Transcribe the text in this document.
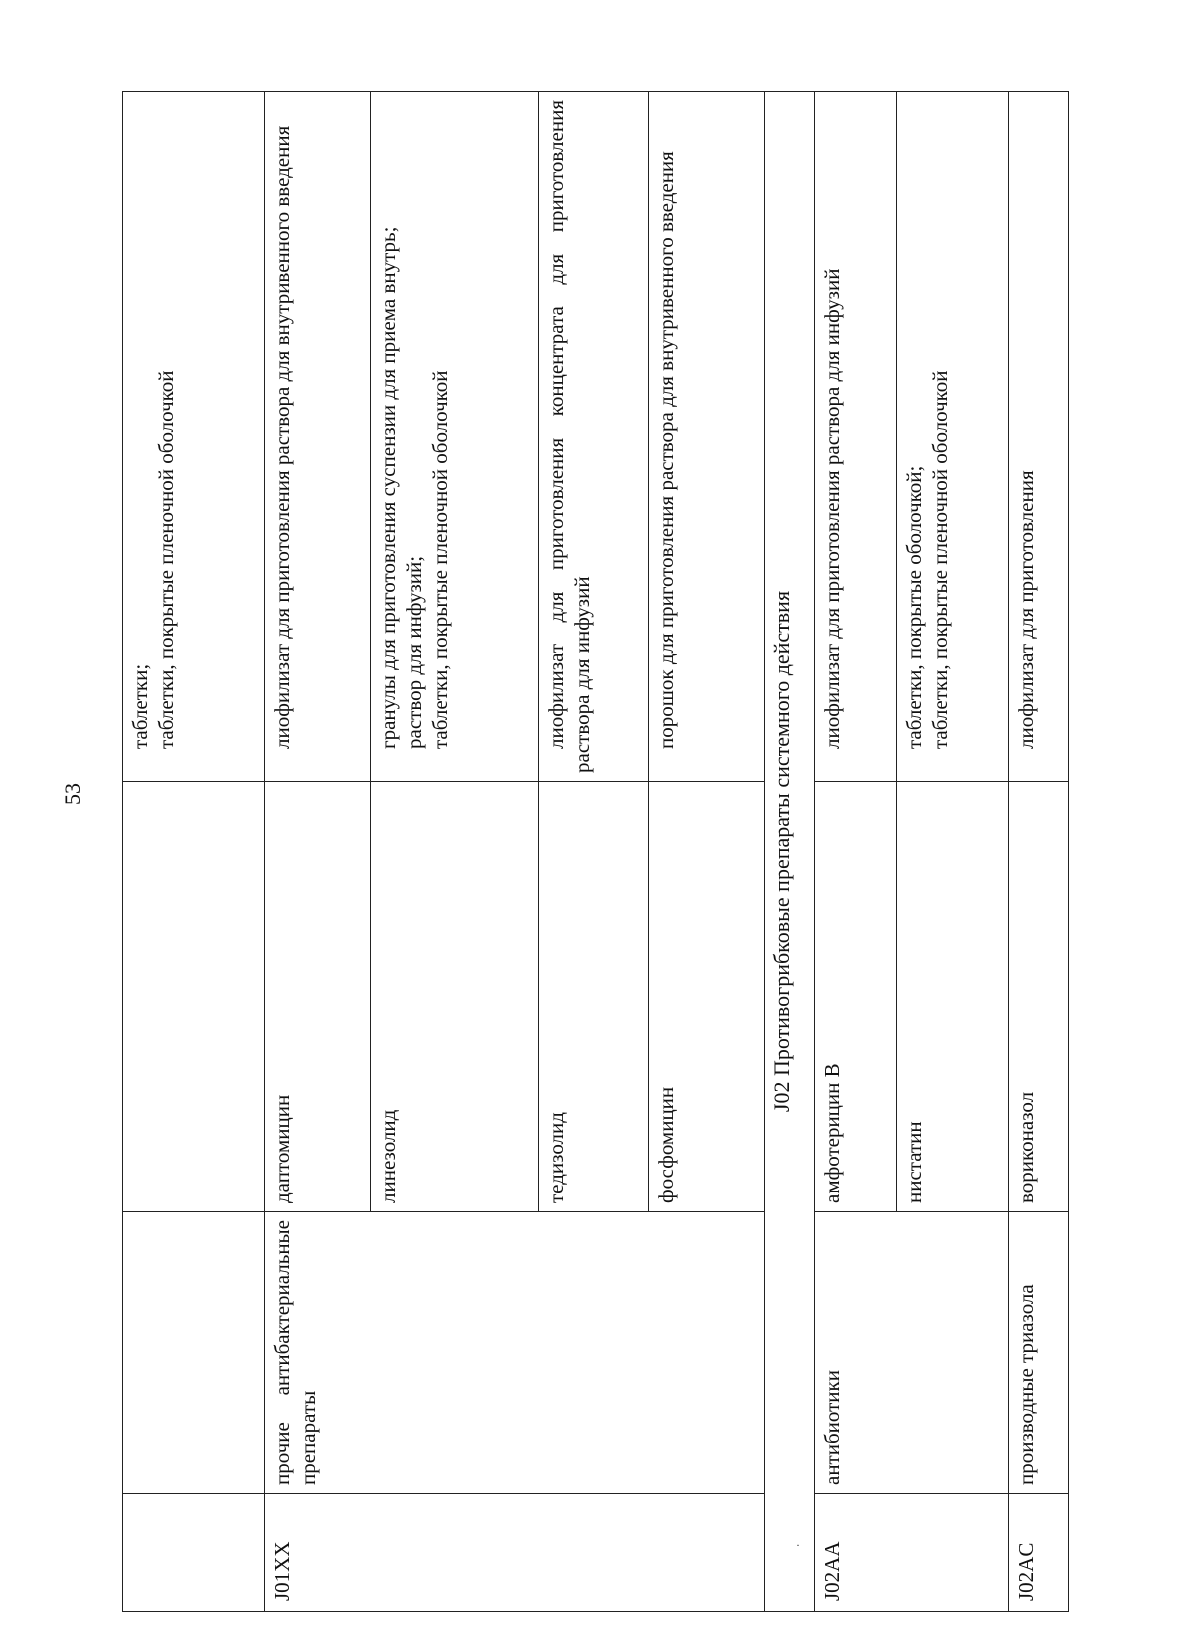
53
·

			таблетки; таблетки, покрытые пленочной оболочкой

J01XX	прочие антибактериальные препараты	даптомицин	лиофилизат для приготовления раствора для внутривенного введения

		линезолид	гранулы для приготовления суспензии для приема внутрь; раствор для инфузий; таблетки, покрытые пленочной оболочкой

		тедизолид	лиофилизат для приготовления концентрата для приготовления раствора для инфузий

		фосфомицин	порошок для приготовления раствора для внутривенного введения

J02 Противогрибковые препараты системного действия			
J02AA	антибиотики	амфотерицин В	лиофилизат для приготовления раствора для инфузий

		нистатин	таблетки, покрытые оболочкой; таблетки, покрытые пленочной оболочкой

J02AC	производные триазола	вориконазол	лиофилизат для приготовления
